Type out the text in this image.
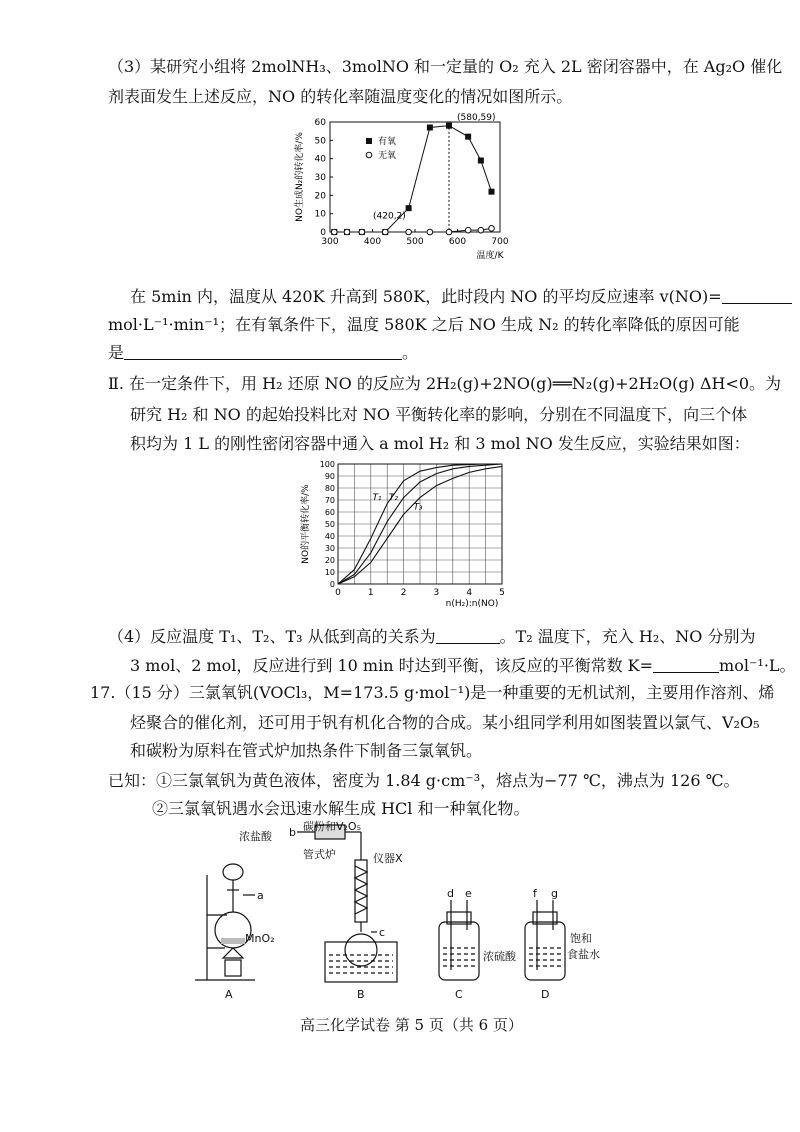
（3）某研究小组将 2molNH₃、3molNO 和一定量的 O₂ 充入 2L 密闭容器中，在 Ag₂O 催化
剂表面发生上述反应，NO 的转化率随温度变化的情况如图所示。
300	400	500	600	700
0
10
20
30
40
50
60
温度/K
NO生成N₂的转化率/%	有氧
无氧
(420,2)
(580,59)
在 5min 内，温度从 420K 升高到 580K，此时段内 NO 的平均反应速率 v(NO)=
mol·L⁻¹·min⁻¹；在有氧条件下，温度 580K 之后 NO 生成 N₂ 的转化率降低的原因可能
是	。
Ⅱ. 在一定条件下，用 H₂ 还原 NO 的反应为 2H₂(g)+2NO(g)══N₂(g)+2H₂O(g) ΔH<0。为
研究 H₂ 和 NO 的起始投料比对 NO 平衡转化率的影响，分别在不同温度下，向三个体
积均为 1 L 的刚性密闭容器中通入 a mol H₂ 和 3 mol NO 发生反应，实验结果如图：
0
10
20
30
40
50
60
70
80
90
100
0	1	2	3	4	5
n(H₂):n(NO)
NO的平衡转化率/%	T₁ T₂
T₃
（4）反应温度 T₁、T₂、T₃ 从低到高的关系为	。T₂ 温度下，充入 H₂、NO 分别为
3 mol、2 mol，反应进行到 10 min 时达到平衡，该反应的平衡常数 K=	mol⁻¹·L。
17.（15 分）三氯氧钒(VOCl₃，M=173.5 g·mol⁻¹)是一种重要的无机试剂，主要用作溶剂、烯
烃聚合的催化剂，还可用于钒有机化合物的合成。某小组同学利用如图装置以氯气、V₂O₅
和碳粉为原料在管式炉加热条件下制备三氯氧钒。
已知：①三氯氧钒为黄色液体，密度为 1.84 g·cm⁻³，熔点为−77 ℃，沸点为 126 ℃。
②三氯氧钒遇水会迅速水解生成 HCl 和一种氧化物。
浓盐酸
a
MnO₂
碳粉和V₂O₅
b
管式炉	仪器X
c
d e
浓硫酸
f g
饱和
食盐水
A	B	C	D
高三化学试卷 第 5 页（共 6 页）
